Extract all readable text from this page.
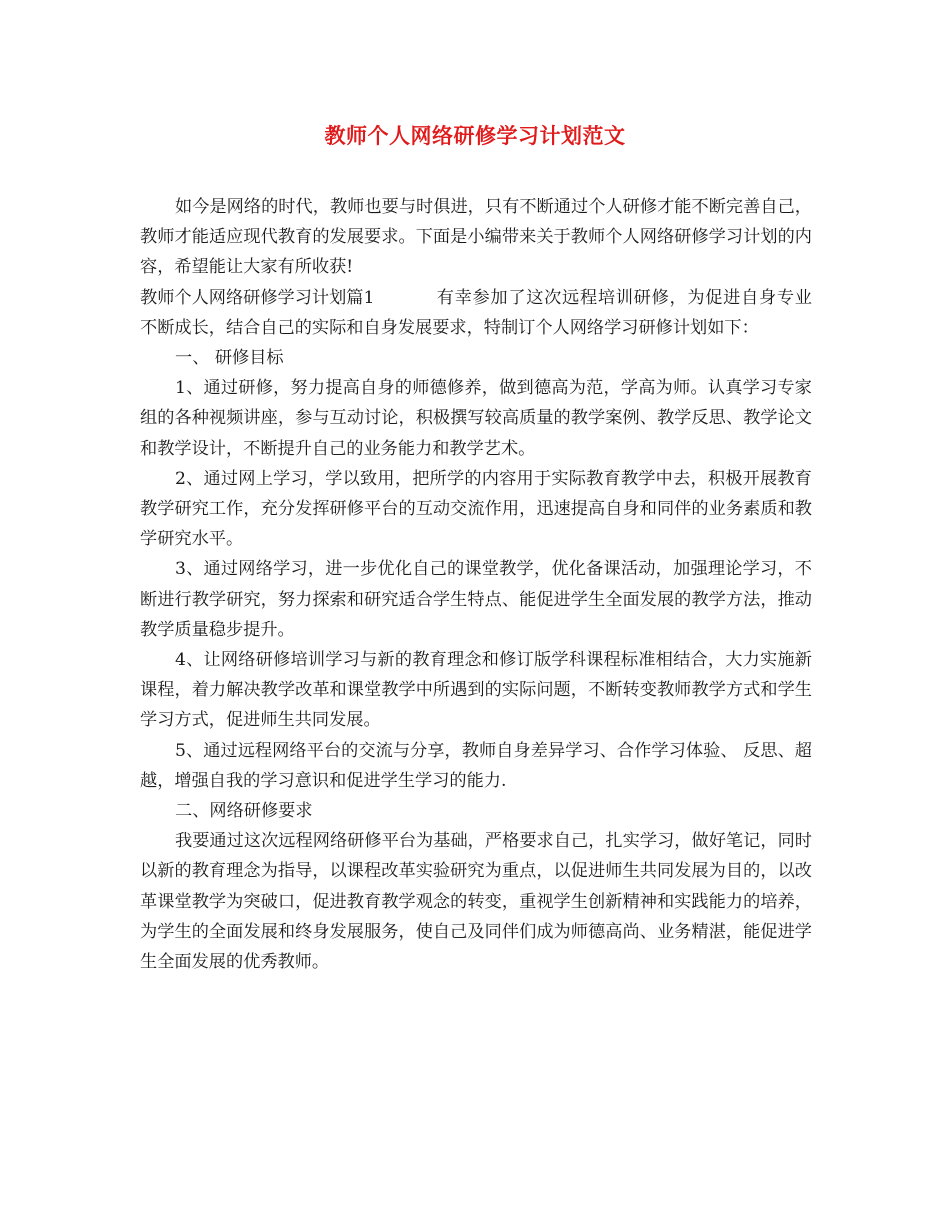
教师个人网络研修学习计划范文

如今是网络的时代，教师也要与时俱进，只有不断通过个人研修才能不断完善自己，教师才能适应现代教育的发展要求。下面是小编带来关于教师个人网络研修学习计划的内容，希望能让大家有所收获!

教师个人网络研修学习计划篇1	有幸参加了这次远程培训研修，为促进自身专业不断成长，结合自己的实际和自身发展要求，特制订个人网络学习研修计划如下：

一、 研修目标

1、通过研修，努力提高自身的师德修养，做到德高为范，学高为师。认真学习专家组的各种视频讲座，参与互动讨论，积极撰写较高质量的教学案例、教学反思、教学论文和教学设计，不断提升自己的业务能力和教学艺术。

2、通过网上学习，学以致用，把所学的内容用于实际教育教学中去，积极开展教育教学研究工作，充分发挥研修平台的互动交流作用，迅速提高自身和同伴的业务素质和教学研究水平。

3、通过网络学习，进一步优化自己的课堂教学，优化备课活动，加强理论学习，不断进行教学研究，努力探索和研究适合学生特点、能促进学生全面发展的教学方法，推动教学质量稳步提升。

4、让网络研修培训学习与新的教育理念和修订版学科课程标准相结合，大力实施新课程，着力解决教学改革和课堂教学中所遇到的实际问题，不断转变教师教学方式和学生学习方式，促进师生共同发展。

5、通过远程网络平台的交流与分享，教师自身差异学习、合作学习体验、 反思、超越，增强自我的学习意识和促进学生学习的能力.

二、网络研修要求

我要通过这次远程网络研修平台为基础，严格要求自己，扎实学习，做好笔记，同时以新的教育理念为指导，以课程改革实验研究为重点，以促进师生共同发展为目的，以改革课堂教学为突破口，促进教育教学观念的转变，重视学生创新精神和实践能力的培养，为学生的全面发展和终身发展服务，使自己及同伴们成为师德高尚、业务精湛，能促进学生全面发展的优秀教师。
